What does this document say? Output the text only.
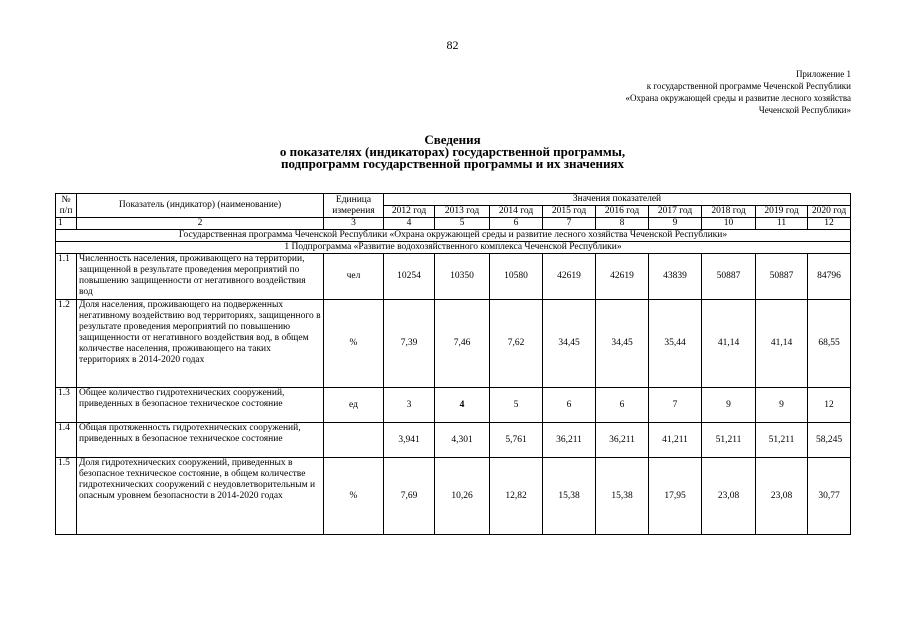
82
Приложение 1
к государственной программе Чеченской Республики
«Охрана окружающей среды и развитие лесного хозяйства
Чеченской Республики»
Сведения
о показателях (индикаторах) государственной программы,
подпрограмм государственной программы и их значениях
№ п/п	Показатель (индикатор) (наименование)	Единица измерения	Значения показателей								
			2012 год	2013 год	2014 год	2015 год	2016 год	2017 год	2018 год	2019 год	2020 год
1	2	3	4	5	6	7	8	9	10	11	12
Государственная программа Чеченской Республики «Охрана окружающей среды и развитие лесного хозяйства Чеченской Республики»											
1 Подпрограмма «Развитие водохозяйственного комплекса Чеченской Республики»											
1.1	Численность населения, проживающего на территории, защищенной в результате проведения мероприятий по повышению защищенности от негативного воздействия вод	чел	10254	10350	10580	42619	42619	43839	50887	50887	84796
1.2	Доля населения, проживающего на подверженных негативному воздействию вод территориях, защищенного в результате проведения мероприятий по повышению защищенности от негативного воздействия вод, в общем количестве населения, проживающего на таких территориях в 2014-2020 годах	%	7,39	7,46	7,62	34,45	34,45	35,44	41,14	41,14	68,55
1.3	Общее количество гидротехнических сооружений, приведенных в безопасное техническое состояние	ед	3	4	5	6	6	7	9	9	12
1.4	Общая протяженность гидротехнических сооружений, приведенных в безопасное техническое состояние		3,941	4,301	5,761	36,211	36,211	41,211	51,211	51,211	58,245
1.5	Доля гидротехнических сооружений, приведенных в безопасное техническое состояние, в общем количестве гидротехнических сооружений с неудовлетворительным и опасным уровнем безопасности в 2014-2020 годах	%	7,69	10,26	12,82	15,38	15,38	17,95	23,08	23,08	30,77
